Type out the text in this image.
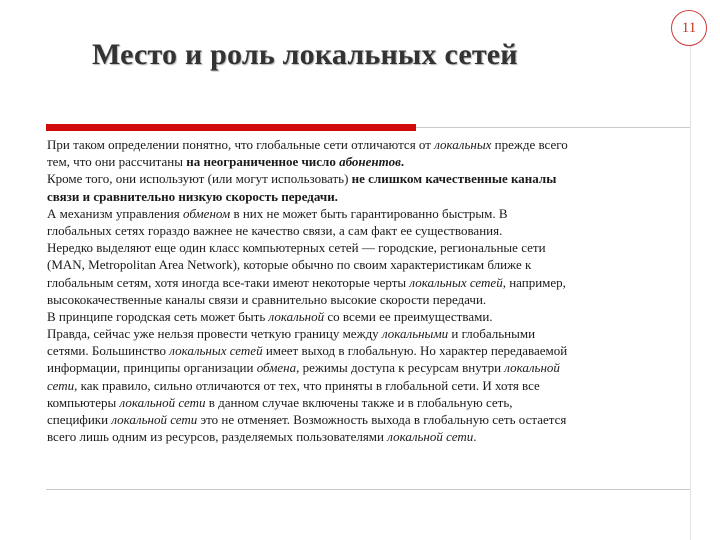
11
Место и роль локальных сетей
При таком определении понятно, что глобальные сети отличаются от локальных прежде всего
тем, что они рассчитаны на неограниченное число абонентов.
Кроме того, они используют (или могут использовать) не слишком качественные каналы
связи и сравнительно низкую скорость передачи.
А механизм управления обменом в них не может быть гарантированно быстрым. В
глобальных сетях гораздо важнее не качество связи, а сам факт ее существования.
Нередко выделяют еще один класс компьютерных сетей — городские, региональные сети
(MAN, Metropolitan Area Network), которые обычно по своим характеристикам ближе к
глобальным сетям, хотя иногда все-таки имеют некоторые черты локальных сетей, например,
высококачественные каналы связи и сравнительно высокие скорости передачи.
В принципе городская сеть может быть локальной со всеми ее преимуществами.
Правда, сейчас уже нельзя провести четкую границу между локальными и глобальными
сетями. Большинство локальных сетей имеет выход в глобальную. Но характер передаваемой
информации, принципы организации обмена, режимы доступа к ресурсам внутри локальной
сети, как правило, сильно отличаются от тех, что приняты в глобальной сети. И хотя все
компьютеры локальной сети в данном случае включены также и в глобальную сеть,
специфики локальной сети это не отменяет. Возможность выхода в глобальную сеть остается
всего лишь одним из ресурсов, разделяемых пользователями локальной сети.
